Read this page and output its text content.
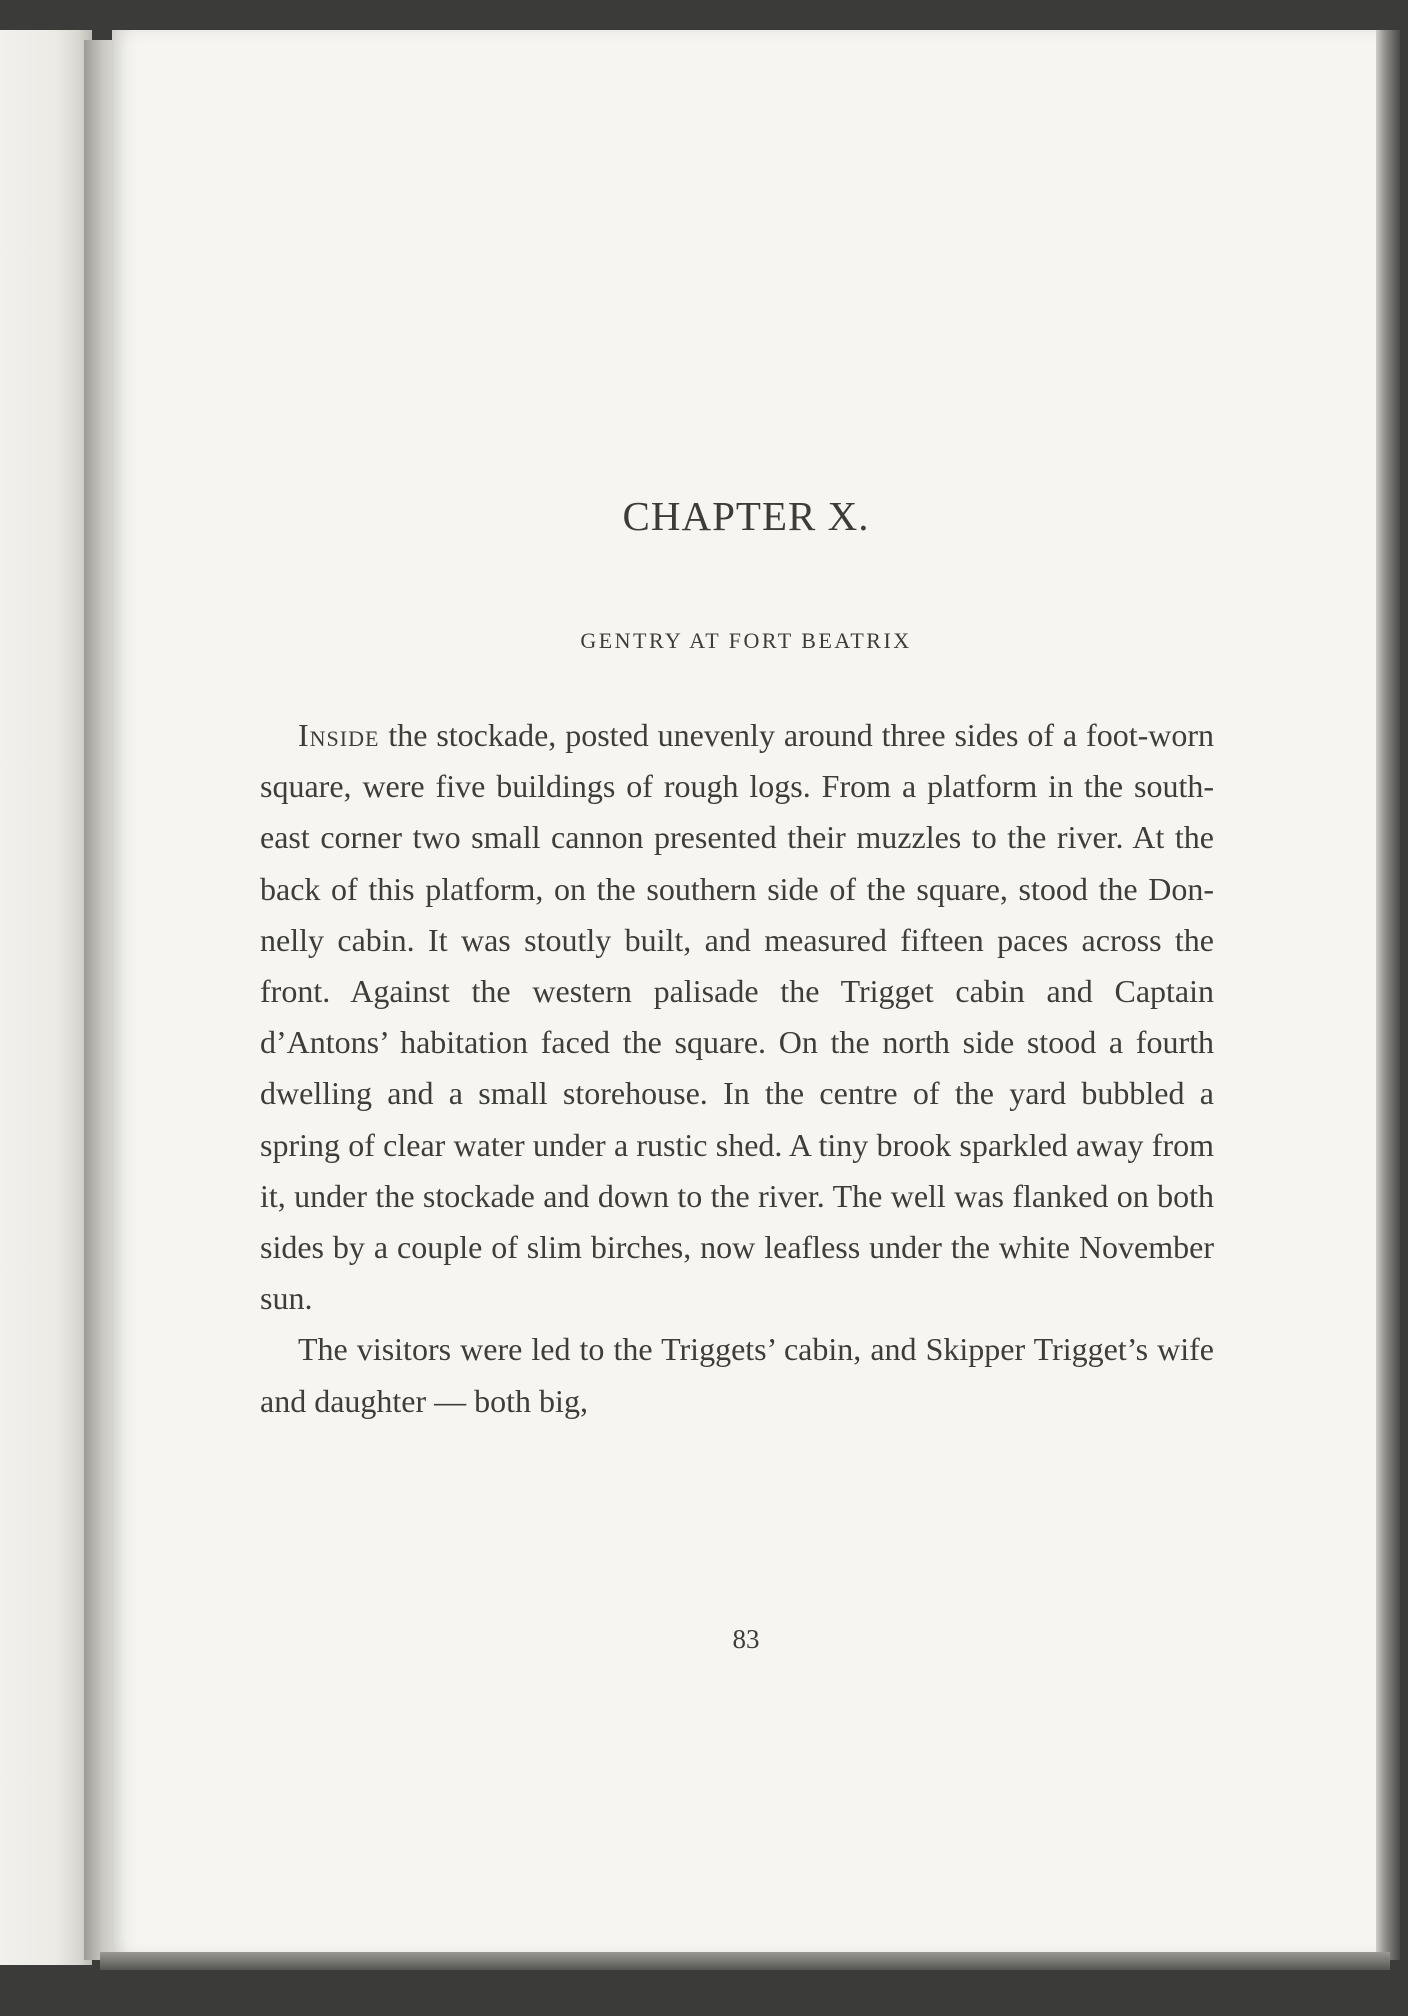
CHAPTER X.
GENTRY AT FORT BEATRIX

Inside the stockade, posted unevenly around three sides of a foot-worn square, were five buildings of rough logs. From a platform in the southeast corner two small cannon presented their muzzles to the river. At the back of this platform, on the southern side of the square, stood the Donnelly cabin. It was stoutly built, and measured fifteen paces across the front. Against the western palisade the Trigget cabin and Captain d’Antons’ habitation faced the square. On the north side stood a fourth dwelling and a small storehouse. In the centre of the yard bubbled a spring of clear water under a rustic shed. A tiny brook sparkled away from it, under the stockade and down to the river. The well was flanked on both sides by a couple of slim birches, now leafless under the white November sun.

The visitors were led to the Triggets’ cabin, and Skipper Trigget’s wife and daughter — both big,

83
